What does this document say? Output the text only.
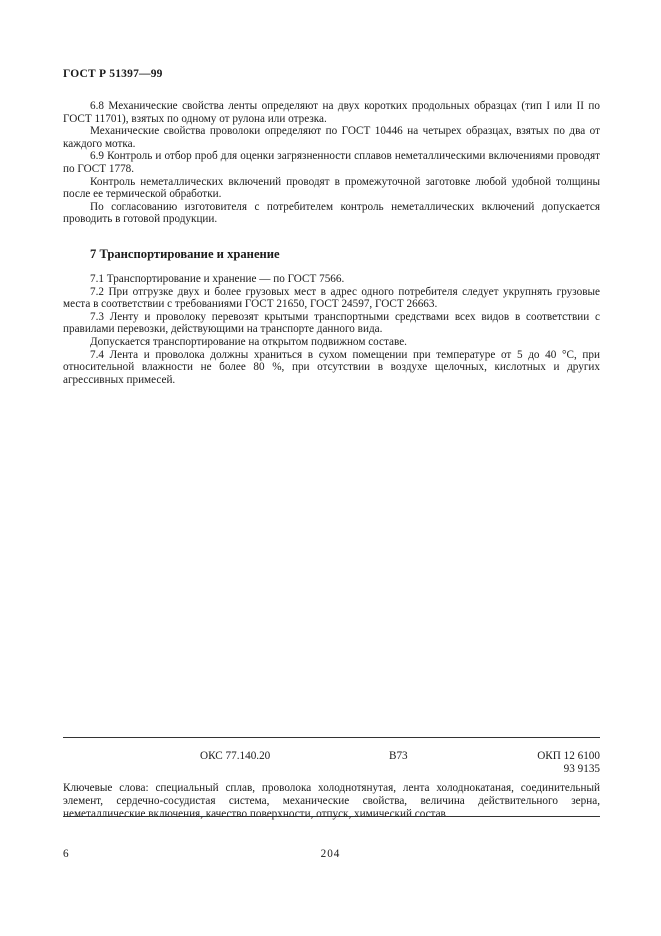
ГОСТ Р 51397—99

6.8 Механические свойства ленты определяют на двух коротких продольных образцах (тип I или II по ГОСТ 11701), взятых по одному от рулона или отрезка.

Механические свойства проволоки определяют по ГОСТ 10446 на четырех образцах, взятых по два от каждого мотка.

6.9 Контроль и отбор проб для оценки загрязненности сплавов неметаллическими включениями проводят по ГОСТ 1778.

Контроль неметаллических включений проводят в промежуточной заготовке любой удобной толщины после ее термической обработки.

По согласованию изготовителя с потребителем контроль неметаллических включений допускается проводить в готовой продукции.

7 Транспортирование и хранение

7.1 Транспортирование и хранение — по ГОСТ 7566.

7.2 При отгрузке двух и более грузовых мест в адрес одного потребителя следует укрупнять грузовые места в соответствии с требованиями ГОСТ 21650, ГОСТ 24597, ГОСТ 26663.

7.3 Ленту и проволоку перевозят крытыми транспортными средствами всех видов в соответствии с правилами перевозки, действующими на транспорте данного вида.

Допускается транспортирование на открытом подвижном составе.

7.4 Лента и проволока должны храниться в сухом помещении при температуре от 5 до 40 °С, при относительной влажности не более 80 %, при отсутствии в воздухе щелочных, кислотных и других агрессивных примесей.

ОКС 77.140.20	В73	ОКП 12 6100
93 9135
Ключевые слова: специальный сплав, проволока холоднотянутая, лента холоднокатаная, соединительный элемент, сердечно-сосудистая система, механические свойства, величина действительного зерна, неметаллические включения, качество поверхности, отпуск, химический состав
6	204
